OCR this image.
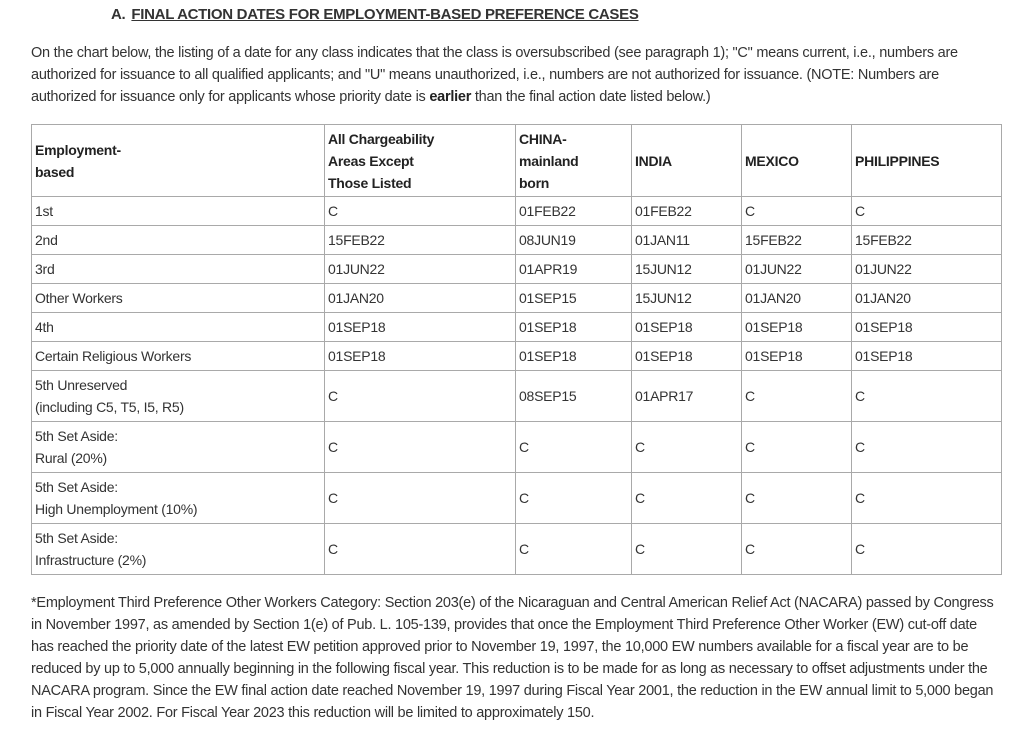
A. FINAL ACTION DATES FOR EMPLOYMENT-BASED PREFERENCE CASES

On the chart below, the listing of a date for any class indicates that the class is oversubscribed (see paragraph 1); "C" means current, i.e., numbers are authorized for issuance to all qualified applicants; and "U" means unauthorized, i.e., numbers are not authorized for issuance. (NOTE: Numbers are authorized for issuance only for applicants whose priority date is earlier than the final action date listed below.)

Employment-
based	All Chargeability
Areas Except
Those Listed	CHINA-
mainland
born	INDIA	MEXICO	PHILIPPINES
1st	C	01FEB22	01FEB22	C	C
2nd	15FEB22	08JUN19	01JAN11	15FEB22	15FEB22
3rd	01JUN22	01APR19	15JUN12	01JUN22	01JUN22
Other Workers	01JAN20	01SEP15	15JUN12	01JAN20	01JAN20
4th	01SEP18	01SEP18	01SEP18	01SEP18	01SEP18
Certain Religious Workers	01SEP18	01SEP18	01SEP18	01SEP18	01SEP18
5th Unreserved
(including C5, T5, I5, R5)	C	08SEP15	01APR17	C	C
5th Set Aside:
Rural (20%)	C	C	C	C	C
5th Set Aside:
High Unemployment (10%)	C	C	C	C	C
5th Set Aside:
Infrastructure (2%)	C	C	C	C	C

*Employment Third Preference Other Workers Category: Section 203(e) of the Nicaraguan and Central American Relief Act (NACARA) passed by Congress in November 1997, as amended by Section 1(e) of Pub. L. 105-139, provides that once the Employment Third Preference Other Worker (EW) cut-off date has reached the priority date of the latest EW petition approved prior to November 19, 1997, the 10,000 EW numbers available for a fiscal year are to be reduced by up to 5,000 annually beginning in the following fiscal year. This reduction is to be made for as long as necessary to offset adjustments under the NACARA program. Since the EW final action date reached November 19, 1997 during Fiscal Year 2001, the reduction in the EW annual limit to 5,000 began in Fiscal Year 2002. For Fiscal Year 2023 this reduction will be limited to approximately 150.
